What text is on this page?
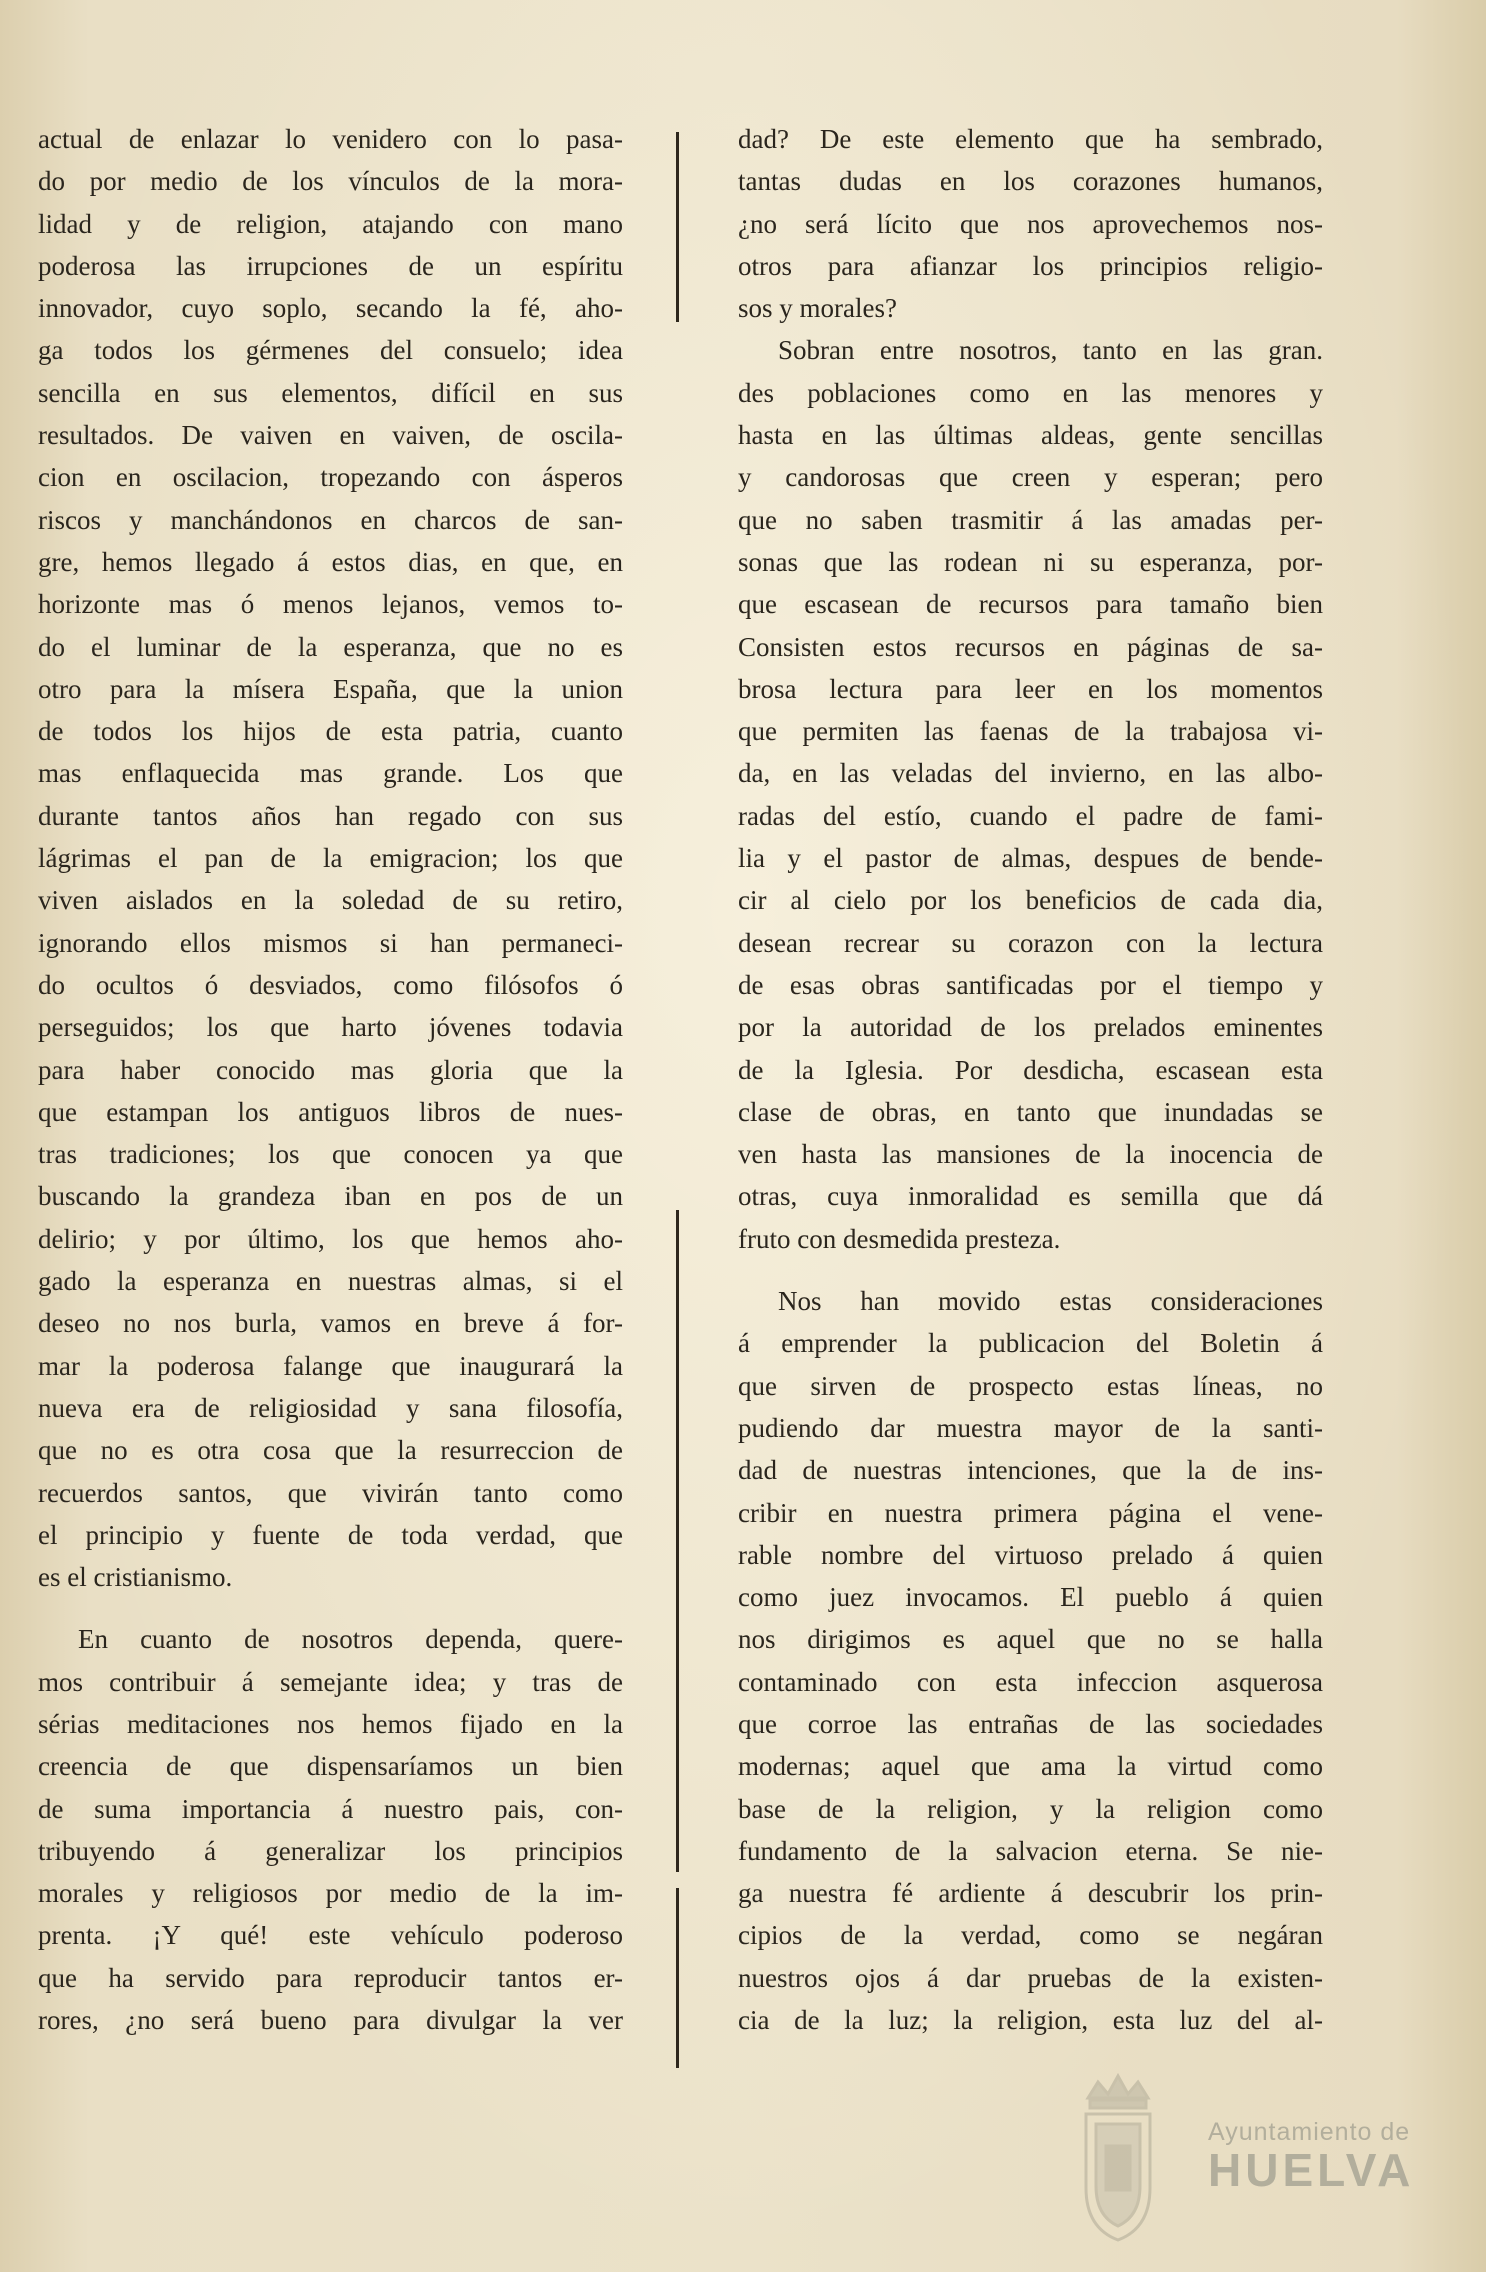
actual de enlazar lo venidero con lo pasa-
do por medio de los vínculos de la mora-
lidad y de religion, atajando con mano
poderosa las irrupciones de un espíritu
innovador, cuyo soplo, secando la fé, aho-
ga todos los gérmenes del consuelo; idea
sencilla en sus elementos, difícil en sus
resultados. De vaiven en vaiven, de oscila-
cion en oscilacion, tropezando con ásperos
riscos y manchándonos en charcos de san-
gre, hemos llegado á estos dias, en que, en
horizonte mas ó menos lejanos, vemos to-
do el luminar de la esperanza, que no es
otro para la mísera España, que la union
de todos los hijos de esta patria, cuanto
mas enflaquecida mas grande. Los que
durante tantos años han regado con sus
lágrimas el pan de la emigracion; los que
viven aislados en la soledad de su retiro,
ignorando ellos mismos si han permaneci-
do ocultos ó desviados, como filósofos ó
perseguidos; los que harto jóvenes todavia
para haber conocido mas gloria que la
que estampan los antiguos libros de nues-
tras tradiciones; los que conocen ya que
buscando la grandeza iban en pos de un
delirio; y por último, los que hemos aho-
gado la esperanza en nuestras almas, si el
deseo no nos burla, vamos en breve á for-
mar la poderosa falange que inaugurará la
nueva era de religiosidad y sana filosofía,
que no es otra cosa que la resurreccion de
recuerdos santos, que vivirán tanto como
el principio y fuente de toda verdad, que
es el cristianismo.
En cuanto de nosotros dependa, quere-
mos contribuir á semejante idea; y tras de
sérias meditaciones nos hemos fijado en la
creencia de que dispensaríamos un bien
de suma importancia á nuestro pais, con-
tribuyendo á generalizar los principios
morales y religiosos por medio de la im-
prenta. ¡Y qué! este vehículo poderoso
que ha servido para reproducir tantos er-
rores, ¿no será bueno para divulgar la ver
dad? De este elemento que ha sembrado,
tantas dudas en los corazones humanos,
¿no será lícito que nos aprovechemos nos-
otros para afianzar los principios religio-
sos y morales?
Sobran entre nosotros, tanto en las gran.
des poblaciones como en las menores y
hasta en las últimas aldeas, gente sencillas
y candorosas que creen y esperan; pero
que no saben trasmitir á las amadas per-
sonas que las rodean ni su esperanza, por-
que escasean de recursos para tamaño bien
Consisten estos recursos en páginas de sa-
brosa lectura para leer en los momentos
que permiten las faenas de la trabajosa vi-
da, en las veladas del invierno, en las albo-
radas del estío, cuando el padre de fami-
lia y el pastor de almas, despues de bende-
cir al cielo por los beneficios de cada dia,
desean recrear su corazon con la lectura
de esas obras santificadas por el tiempo y
por la autoridad de los prelados eminentes
de la Iglesia. Por desdicha, escasean esta
clase de obras, en tanto que inundadas se
ven hasta las mansiones de la inocencia de
otras, cuya inmoralidad es semilla que dá
fruto con desmedida presteza.
Nos han movido estas consideraciones
á emprender la publicacion del Boletin á
que sirven de prospecto estas líneas, no
pudiendo dar muestra mayor de la santi-
dad de nuestras intenciones, que la de ins-
cribir en nuestra primera página el vene-
rable nombre del virtuoso prelado á quien
como juez invocamos. El pueblo á quien
nos dirigimos es aquel que no se halla
contaminado con esta infeccion asquerosa
que corroe las entrañas de las sociedades
modernas; aquel que ama la virtud como
base de la religion, y la religion como
fundamento de la salvacion eterna. Se nie-
ga nuestra fé ardiente á descubrir los prin-
cipios de la verdad, como se negáran
nuestros ojos á dar pruebas de la existen-
cia de la luz; la religion, esta luz del al-
Ayuntamiento de
HUELVA
